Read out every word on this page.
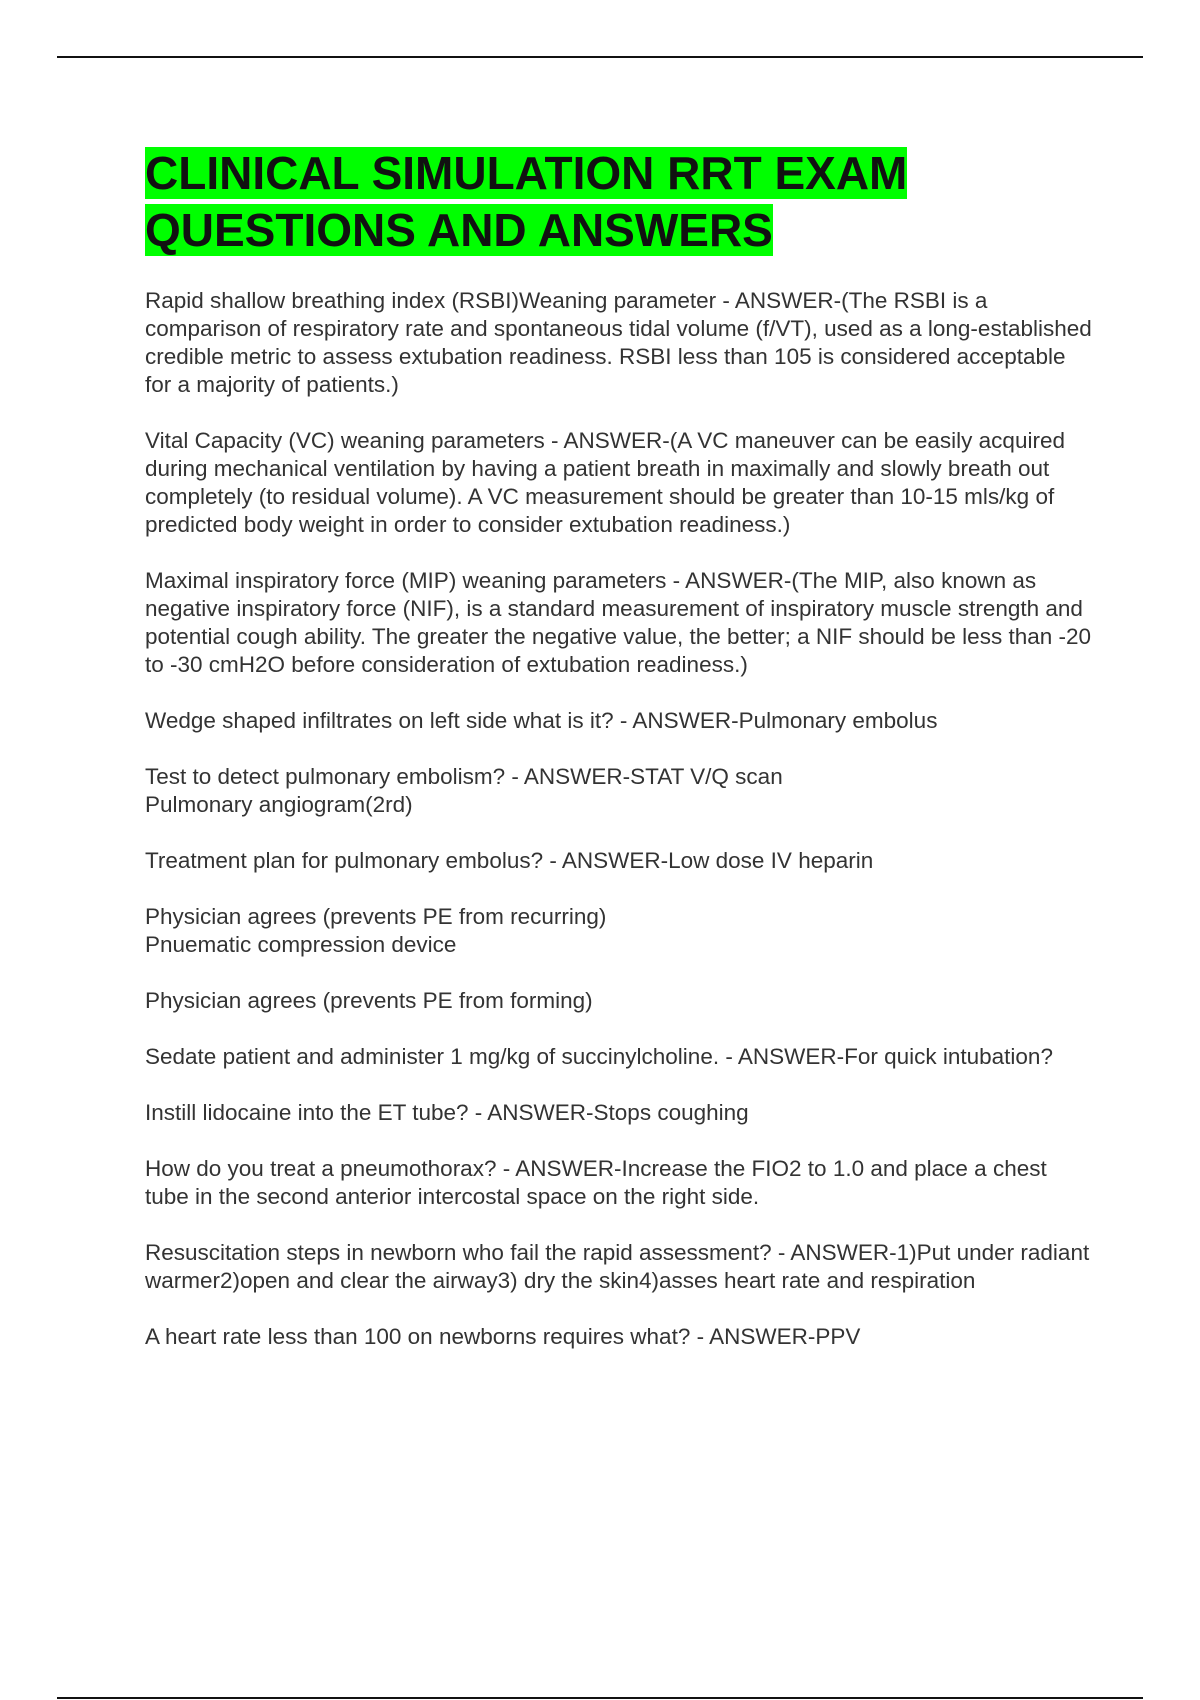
CLINICAL SIMULATION RRT EXAM QUESTIONS AND ANSWERS

Rapid shallow breathing index (RSBI)Weaning parameter - ANSWER-(The RSBI is a comparison of respiratory rate and spontaneous tidal volume (f/VT), used as a long-established credible metric to assess extubation readiness. RSBI less than 105 is considered acceptable for a majority of patients.)

Vital Capacity (VC) weaning parameters - ANSWER-(A VC maneuver can be easily acquired during mechanical ventilation by having a patient breath in maximally and slowly breath out completely (to residual volume). A VC measurement should be greater than 10-15 mls/kg of predicted body weight in order to consider extubation readiness.)

Maximal inspiratory force (MIP) weaning parameters - ANSWER-(The MIP, also known as negative inspiratory force (NIF), is a standard measurement of inspiratory muscle strength and potential cough ability. The greater the negative value, the better; a NIF should be less than -20 to -30 cmH2O before consideration of extubation readiness.)

Wedge shaped infiltrates on left side what is it? - ANSWER-Pulmonary embolus

Test to detect pulmonary embolism? - ANSWER-STAT V/Q scan
Pulmonary angiogram(2rd)

Treatment plan for pulmonary embolus? - ANSWER-Low dose IV heparin

Physician agrees (prevents PE from recurring)
Pnuematic compression device

Physician agrees (prevents PE from forming)

Sedate patient and administer 1 mg/kg of succinylcholine. - ANSWER-For quick intubation?

Instill lidocaine into the ET tube? - ANSWER-Stops coughing

How do you treat a pneumothorax? - ANSWER-Increase the FIO2 to 1.0 and place a chest tube in the second anterior intercostal space on the right side.

Resuscitation steps in newborn who fail the rapid assessment? - ANSWER-1)Put under radiant warmer2)open and clear the airway3) dry the skin4)asses heart rate and respiration

A heart rate less than 100 on newborns requires what? - ANSWER-PPV
